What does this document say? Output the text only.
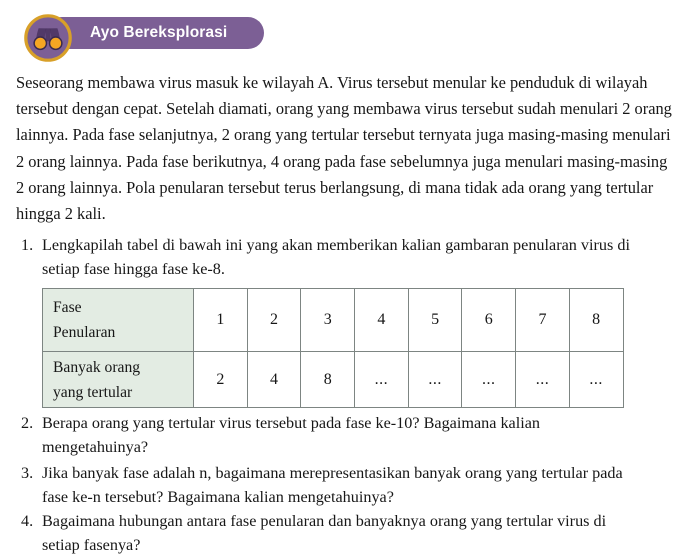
Ayo Bereksplorasi
Seseorang membawa virus masuk ke wilayah A. Virus tersebut menular ke penduduk di wilayah tersebut dengan cepat. Setelah diamati, orang yang membawa virus tersebut sudah menulari 2 orang lainnya. Pada fase selanjutnya, 2 orang yang tertular tersebut ternyata juga masing-masing menulari 2 orang lainnya. Pada fase berikutnya, 4 orang pada fase sebelumnya juga menulari masing-masing 2 orang lainnya. Pola penularan tersebut terus berlangsung, di mana tidak ada orang yang tertular hingga 2 kali.
1. Lengkapilah tabel di bawah ini yang akan memberikan kalian gambaran penularan virus di setiap fase hingga fase ke-8.
Fase
Penularan	1	2	3	4	5	6	7	8

Banyak orang
yang tertular	2	4	8	...	...	...	...	...
2. Berapa orang yang tertular virus tersebut pada fase ke-10? Bagaimana kalian mengetahuinya?
3. Jika banyak fase adalah n, bagaimana merepresentasikan banyak orang yang tertular pada fase ke-n tersebut? Bagaimana kalian mengetahuinya?
4. Bagaimana hubungan antara fase penularan dan banyaknya orang yang tertular virus di setiap fasenya?
